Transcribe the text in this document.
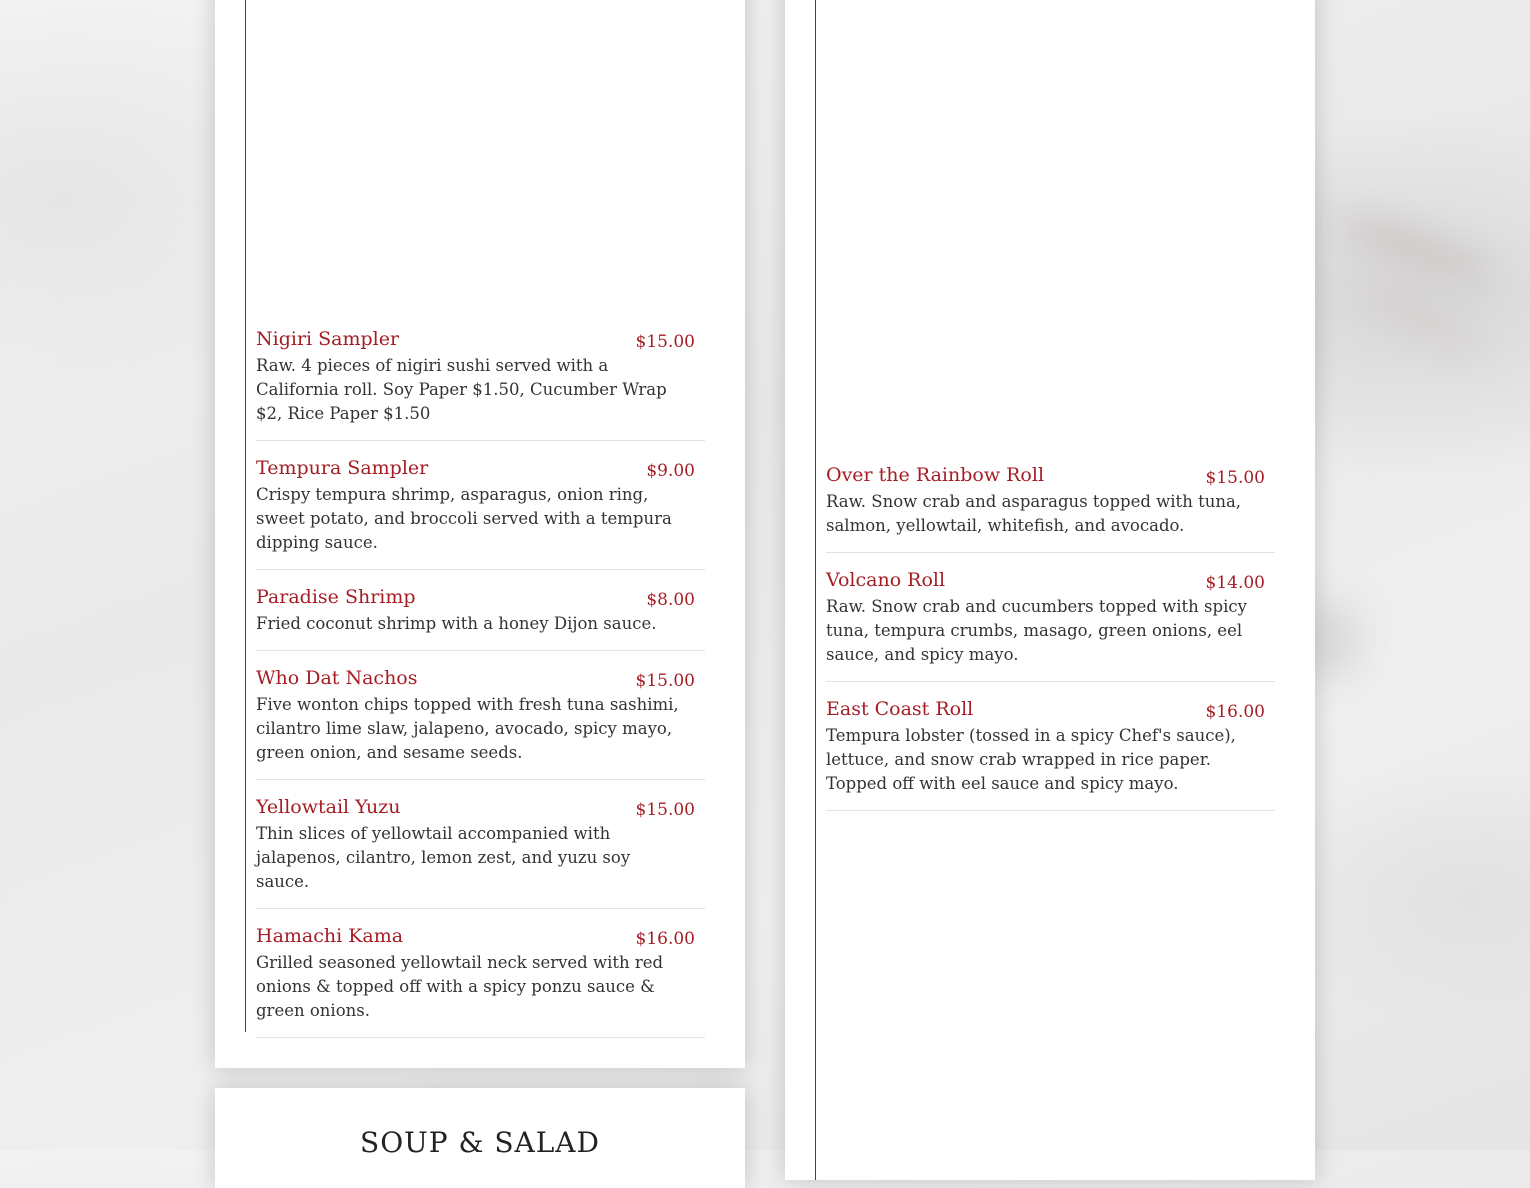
Nigiri Sampler	$15.00
Raw. 4 pieces of nigiri sushi served with a California roll. Soy Paper $1.50, Cucumber Wrap $2, Rice Paper $1.50
Tempura Sampler	$9.00
Crispy tempura shrimp, asparagus, onion ring, sweet potato, and broccoli served with a tempura dipping sauce.
Paradise Shrimp	$8.00
Fried coconut shrimp with a honey Dijon sauce.
Who Dat Nachos	$15.00
Five wonton chips topped with fresh tuna sashimi, cilantro lime slaw, jalapeno, avocado, spicy mayo, green onion, and sesame seeds.
Yellowtail Yuzu	$15.00
Thin slices of yellowtail accompanied with jalapenos, cilantro, lemon zest, and yuzu soy sauce.
Hamachi Kama	$16.00
Grilled seasoned yellowtail neck served with red onions & topped off with a spicy ponzu sauce & green onions.
SOUP & SALAD
Over the Rainbow Roll	$15.00
Raw. Snow crab and asparagus topped with tuna, salmon, yellowtail, whitefish, and avocado.
Volcano Roll	$14.00
Raw. Snow crab and cucumbers topped with spicy tuna, tempura crumbs, masago, green onions, eel sauce, and spicy mayo.
East Coast Roll	$16.00
Tempura lobster (tossed in a spicy Chef's sauce), lettuce, and snow crab wrapped in rice paper. Topped off with eel sauce and spicy mayo.
